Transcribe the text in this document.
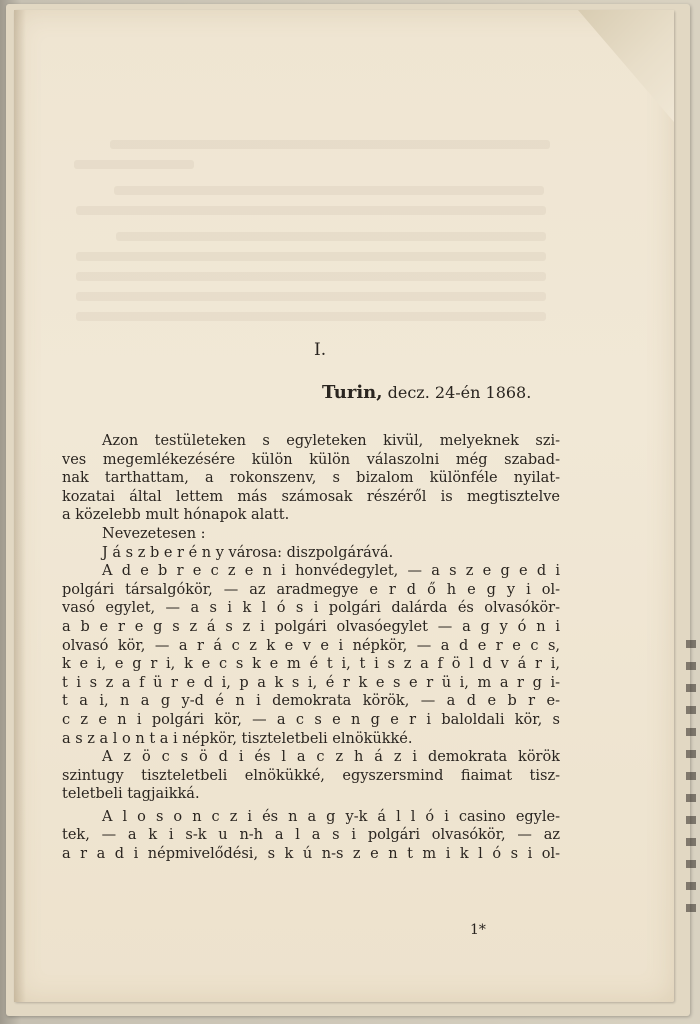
I.
Turin, decz. 24-én 1868.
Azon testületeken s egyleteken kivül, melyeknek szi-
ves megemlékezésére külön külön válaszolni még szabad-
nak tarthattam, a rokonszenv, s bizalom különféle nyilat-
kozatai által lettem más számosak részéről is megtisztelve
a közelebb mult hónapok alatt.
Nevezetesen :
J á s z b e r é n y városa: diszpolgárává.
A d e b r e c z e n i honvédegylet, — a s z e g e d i
polgári társalgókör, — az aradmegye e r d ő h e g y i ol-
vasó egylet, — a s i k l ó s i polgári dalárda és olvasókör-
a b e r e g s z á s z i polgári olvasóegylet — a g y ó n i
olvasó kör, — a r á c z k e v e i népkör, — a d e r e c s,
k e i, e g r i, k e c s k e m é t i, t i s z a f ö l d v á r i,
t i s z a f ü r e d i, p a k s i, é r k e s e r ü i, m a r g i-
t a i, n a g y-d é n i demokrata körök, — a d e b r e-
c z e n i polgári kör, — a c s e n g e r i baloldali kör, s
a s z a l o n t a i népkör, tiszteletbeli elnökükké.
A z ö c s ö d i és l a c z h á z i demokrata körök
szintugy tiszteletbeli elnökükké, egyszersmind fiaimat tisz-
teletbeli tagjaikká.
A l o s o n c z i és n a g y-k á l l ó i casino egyle-
tek, — a k i s-k u n-h a l a s i polgári olvasókör, — az
a r a d i népmivelődési, s k ú n-s z e n t m i k l ó s i ol-
1*
